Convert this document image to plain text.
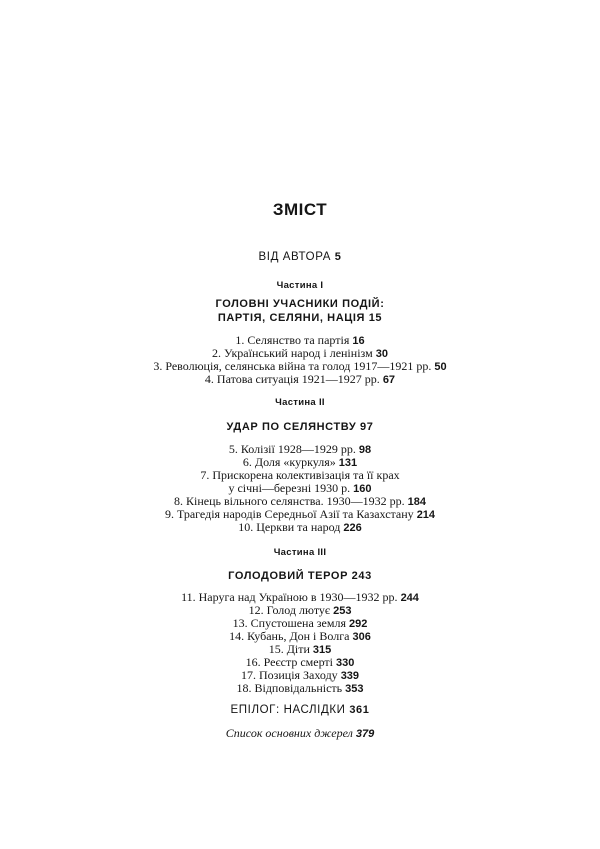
ЗМІСТ
ВІД АВТОРА 5
Частина I
ГОЛОВНІ УЧАСНИКИ ПОДІЙ:
ПАРТІЯ, СЕЛЯНИ, НАЦІЯ 15
1. Селянство та партія 16
2. Український народ і ленінізм 30
3. Революція, селянська війна та голод 1917—1921 рр. 50
4. Патова ситуація 1921—1927 рр. 67
Частина II
УДАР ПО СЕЛЯНСТВУ 97
5. Колізії 1928—1929 рр. 98
6. Доля «куркуля» 131
7. Прискорена колективізація та її крах
у січні—березні 1930 р. 160
8. Кінець вільного селянства. 1930—1932 рр. 184
9. Трагедія народів Середньої Азії та Казахстану 214
10. Церкви та народ 226
Частина III
ГОЛОДОВИЙ ТЕРОР 243
11. Наруга над Україною в 1930—1932 рр. 244
12. Голод лютує 253
13. Спустошена земля 292
14. Кубань, Дон і Волга 306
15. Діти 315
16. Реєстр смерті 330
17. Позиція Заходу 339
18. Відповідальність 353
ЕПІЛОГ: НАСЛІДКИ 361
Список основних джерел 379
